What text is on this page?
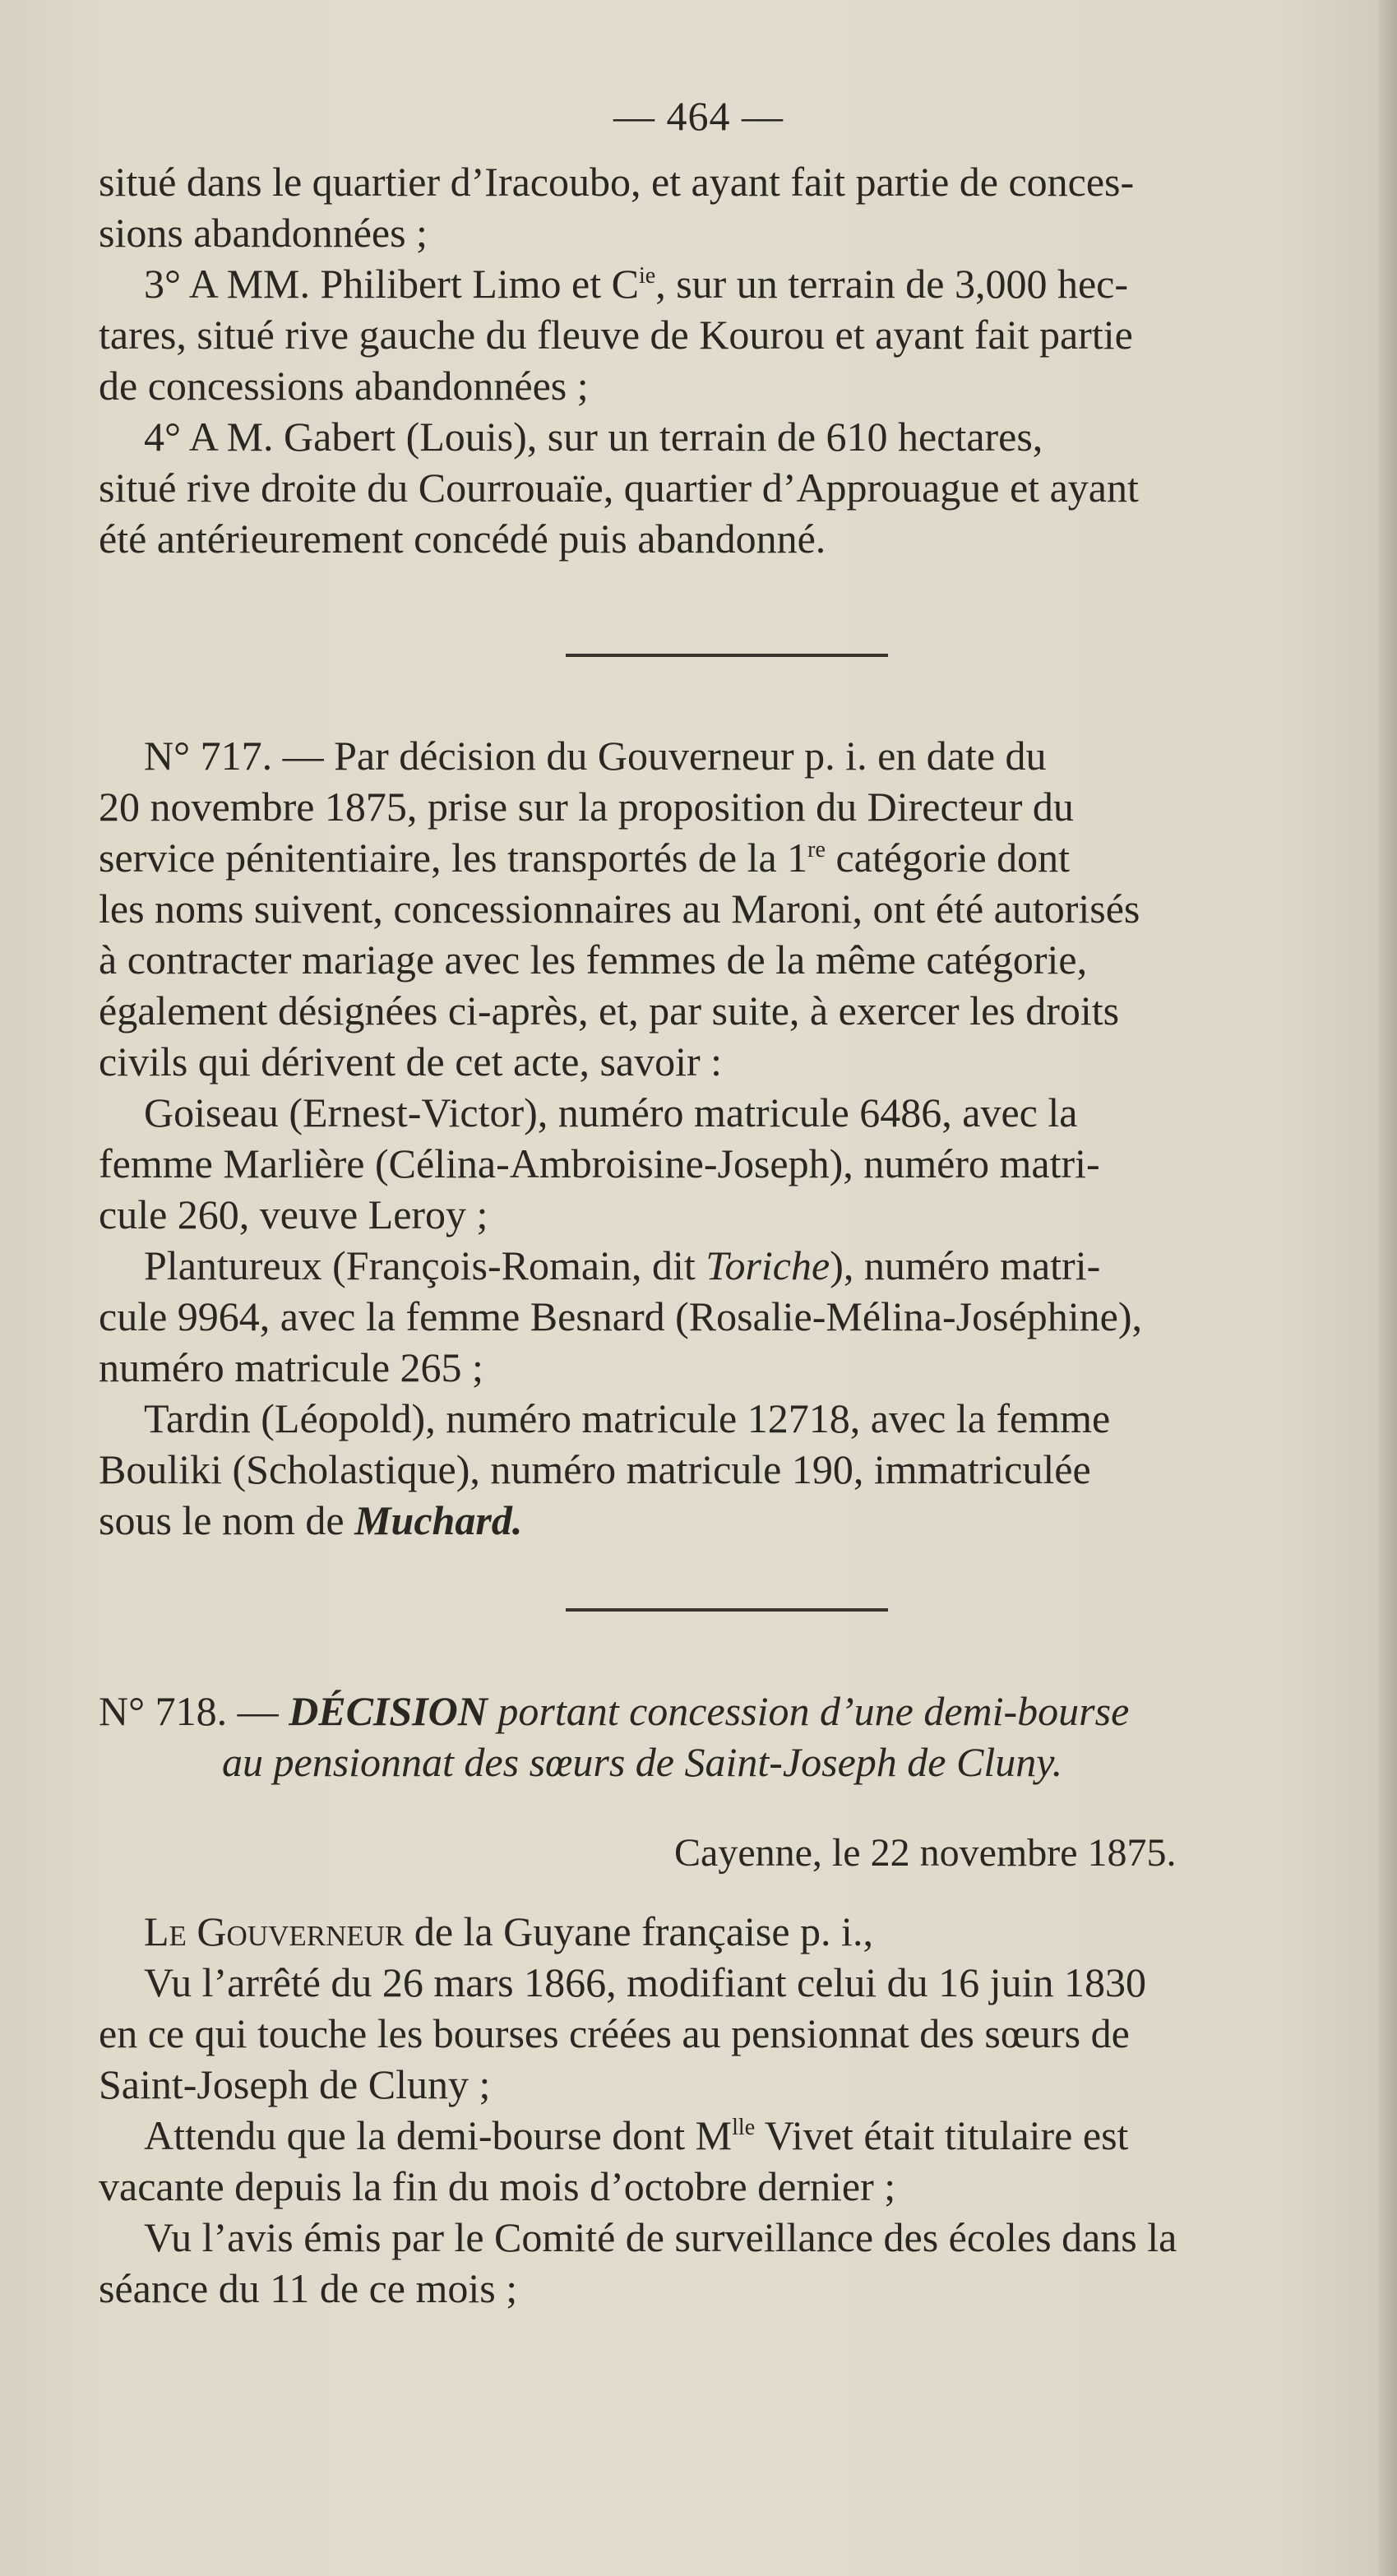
— 464 —
situé dans le quartier d’Iracoubo, et ayant fait partie de conces-
sions abandonnées ;
3° A MM. Philibert Limo et $C^{ie}$, sur un terrain de 3,000 hec-
tares, situé rive gauche du fleuve de Kourou et ayant fait partie
de concessions abandonnées ;
4° A M. Gabert (Louis), sur un terrain de 610 hectares,
situé rive droite du Courrouaïe, quartier d’Approuague et ayant
été antérieurement concédé puis abandonné.
N° 717. — Par décision du Gouverneur p. i. en date du
20 novembre 1875, prise sur la proposition du Directeur du
service pénitentiaire, les transportés de la 1re catégorie dont
les noms suivent, concessionnaires au Maroni, ont été autorisés
à contracter mariage avec les femmes de la même catégorie,
également désignées ci-après, et, par suite, à exercer les droits
civils qui dérivent de cet acte, savoir :
Goiseau (Ernest-Victor), numéro matricule 6486, avec la
femme Marlière (Célina-Ambroisine-Joseph), numéro matri-
cule 260, veuve Leroy ;
Plantureux (François-Romain, dit Toriche), numéro matri-
cule 9964, avec la femme Besnard (Rosalie-Mélina-Joséphine),
numéro matricule 265 ;
Tardin (Léopold), numéro matricule 12718, avec la femme
Bouliki (Scholastique), numéro matricule 190, immatriculée
sous le nom de Muchard.
N° 718. — DÉCISION portant concession d’une demi-bourse
au pensionnat des sœurs de Saint-Joseph de Cluny.
Cayenne, le 22 novembre 1875.
Le Gouverneur de la Guyane française p. i.,
Vu l’arrêté du 26 mars 1866, modifiant celui du 16 juin 1830
en ce qui touche les bourses créées au pensionnat des sœurs de
Saint-Joseph de Cluny ;
Attendu que la demi-bourse dont $M^{lle}$ Vivet était titulaire est
vacante depuis la fin du mois d’octobre dernier ;
Vu l’avis émis par le Comité de surveillance des écoles dans la
séance du 11 de ce mois ;
